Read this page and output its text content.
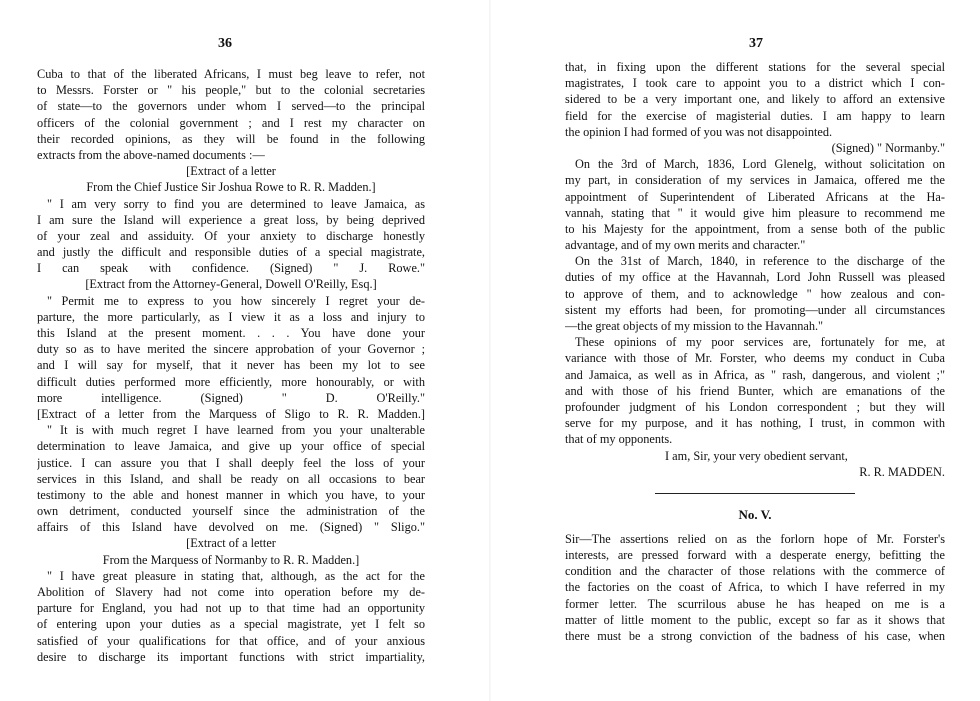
36
Cuba to that of the liberated Africans, I must beg leave to refer, not
to Messrs. Forster or " his people," but to the colonial secretaries
of state—to the governors under whom I served—to the principal
officers of the colonial government ; and I rest my character on
their recorded opinions, as they will be found in the following
extracts from the above-named documents :—
[Extract of a letter
From the Chief Justice Sir Joshua Rowe to R. R. Madden.]
" I am very sorry to find you are determined to leave Jamaica, as
I am sure the Island will experience a great loss, by being deprived
of your zeal and assiduity. Of your anxiety to discharge honestly
and justly the difficult and responsible duties of a special magistrate,
I can speak with confidence. (Signed) " J. Rowe."
[Extract from the Attorney-General, Dowell O'Reilly, Esq.]
" Permit me to express to you how sincerely I regret your de-
parture, the more particularly, as I view it as a loss and injury to
this Island at the present moment. . . . You have done your
duty so as to have merited the sincere approbation of your Governor ;
and I will say for myself, that it never has been my lot to see
difficult duties performed more efficiently, more honourably, or with
more intelligence. (Signed) " D. O'Reilly."
[Extract of a letter from the Marquess of Sligo to R. R. Madden.]
" It is with much regret I have learned from you your unalterable
determination to leave Jamaica, and give up your office of special
justice. I can assure you that I shall deeply feel the loss of your
services in this Island, and shall be ready on all occasions to bear
testimony to the able and honest manner in which you have, to your
own detriment, conducted yourself since the administration of the
affairs of this Island have devolved on me. (Signed) " Sligo."
[Extract of a letter
From the Marquess of Normanby to R. R. Madden.]
" I have great pleasure in stating that, although, as the act for the
Abolition of Slavery had not come into operation before my de-
parture for England, you had not up to that time had an opportunity
of entering upon your duties as a special magistrate, yet I felt so
satisfied of your qualifications for that office, and of your anxious
desire to discharge its important functions with strict impartiality,
37
that, in fixing upon the different stations for the several special
magistrates, I took care to appoint you to a district which I con-
sidered to be a very important one, and likely to afford an extensive
field for the exercise of magisterial duties. I am happy to learn
the opinion I had formed of you was not disappointed.
(Signed) " Normanby."
On the 3rd of March, 1836, Lord Glenelg, without solicitation on
my part, in consideration of my services in Jamaica, offered me the
appointment of Superintendent of Liberated Africans at the Ha-
vannah, stating that " it would give him pleasure to recommend me
to his Majesty for the appointment, from a sense both of the public
advantage, and of my own merits and character."
On the 31st of March, 1840, in reference to the discharge of the
duties of my office at the Havannah, Lord John Russell was pleased
to approve of them, and to acknowledge " how zealous and con-
sistent my efforts had been, for promoting—under all circumstances
—the great objects of my mission to the Havannah."
These opinions of my poor services are, fortunately for me, at
variance with those of Mr. Forster, who deems my conduct in Cuba
and Jamaica, as well as in Africa, as " rash, dangerous, and violent ;"
and with those of his friend Bunter, which are emanations of the
profounder judgment of his London correspondent ; but they will
serve for my purpose, and it has nothing, I trust, in common with
that of my opponents.
I am, Sir, your very obedient servant,
R. R. MADDEN.
No. V.
Sir—The assertions relied on as the forlorn hope of Mr. Forster's
interests, are pressed forward with a desperate energy, befitting the
condition and the character of those relations with the commerce of
the factories on the coast of Africa, to which I have referred in my
former letter. The scurrilous abuse he has heaped on me is a
matter of little moment to the public, except so far as it shows that
there must be a strong conviction of the badness of his case, when
